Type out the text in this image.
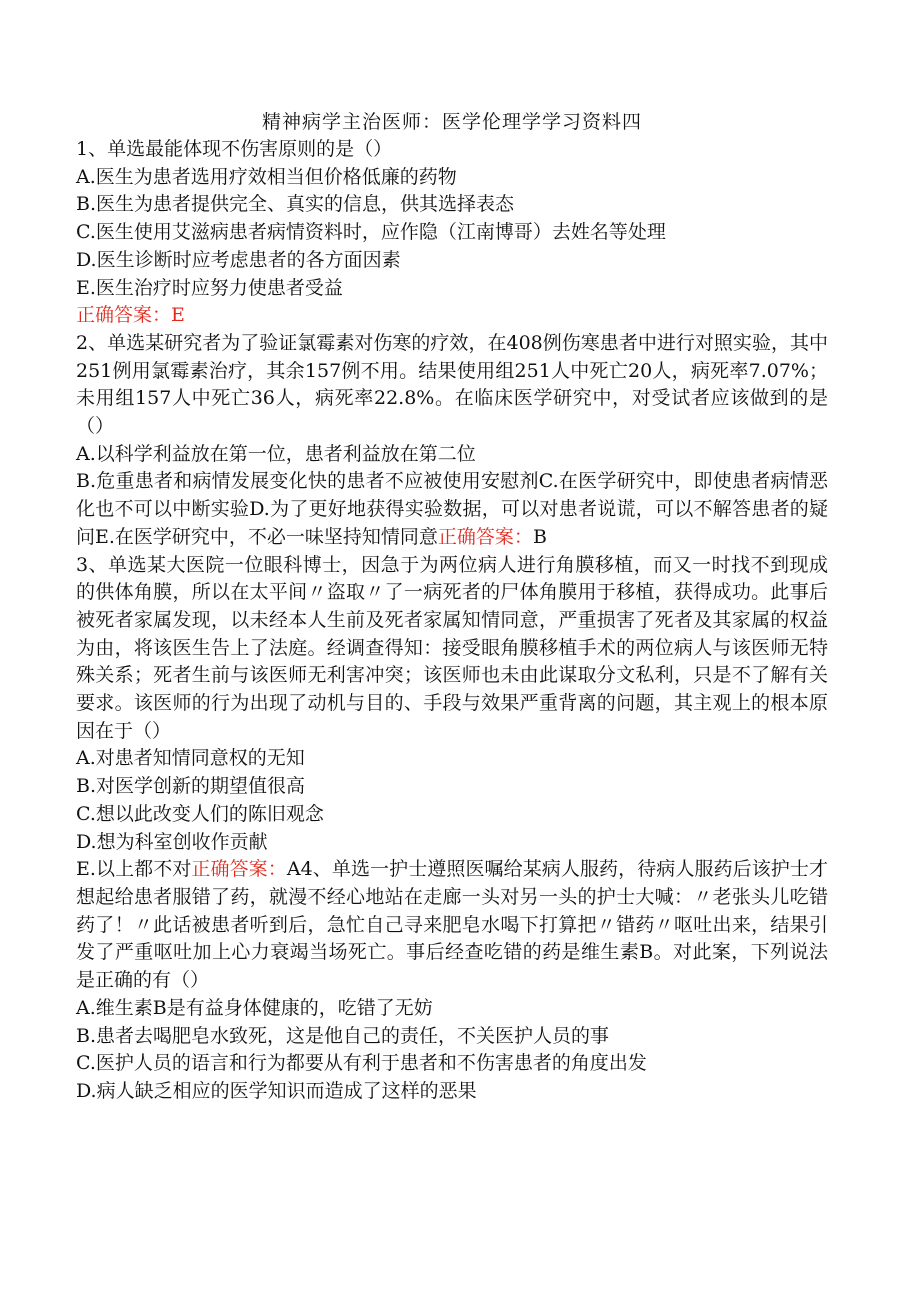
精神病学主治医师：医学伦理学学习资料四

1、单选最能体现不伤害原则的是（）

A.医生为患者选用疗效相当但价格低廉的药物

B.医生为患者提供完全、真实的信息，供其选择表态

C.医生使用艾滋病患者病情资料时，应作隐（江南博哥）去姓名等处理

D.医生诊断时应考虑患者的各方面因素

E.医生治疗时应努力使患者受益

正确答案：E

2、单选某研究者为了验证氯霉素对伤寒的疗效，在408例伤寒患者中进行对照实验，其中251例用氯霉素治疗，其余157例不用。结果使用组251人中死亡20人，病死率7.07%；未用组157人中死亡36人，病死率22.8%。在临床医学研究中，对受试者应该做到的是（）

A.以科学利益放在第一位，患者利益放在第二位

B.危重患者和病情发展变化快的患者不应被使用安慰剂C.在医学研究中，即使患者病情恶化也不可以中断实验D.为了更好地获得实验数据，可以对患者说谎，可以不解答患者的疑问E.在医学研究中，不必一味坚持知情同意正确答案：B

3、单选某大医院一位眼科博士，因急于为两位病人进行角膜移植，而又一时找不到现成的供体角膜，所以在太平间〃盗取〃了一病死者的尸体角膜用于移植，获得成功。此事后被死者家属发现，以未经本人生前及死者家属知情同意，严重损害了死者及其家属的权益为由，将该医生告上了法庭。经调查得知：接受眼角膜移植手术的两位病人与该医师无特殊关系；死者生前与该医师无利害冲突；该医师也未由此谋取分文私利，只是不了解有关要求。该医师的行为出现了动机与目的、手段与效果严重背离的问题，其主观上的根本原因在于（）

A.对患者知情同意权的无知

B.对医学创新的期望值很高

C.想以此改变人们的陈旧观念

D.想为科室创收作贡献

E.以上都不对正确答案：A4、单选一护士遵照医嘱给某病人服药，待病人服药后该护士才想起给患者服错了药，就漫不经心地站在走廊一头对另一头的护士大喊：〃老张头儿吃错药了！〃此话被患者听到后，急忙自己寻来肥皂水喝下打算把〃错药〃呕吐出来，结果引发了严重呕吐加上心力衰竭当场死亡。事后经查吃错的药是维生素B。对此案，下列说法是正确的有（）

A.维生素B是有益身体健康的，吃错了无妨

B.患者去喝肥皂水致死，这是他自己的责任，不关医护人员的事

C.医护人员的语言和行为都要从有利于患者和不伤害患者的角度出发

D.病人缺乏相应的医学知识而造成了这样的恶果
